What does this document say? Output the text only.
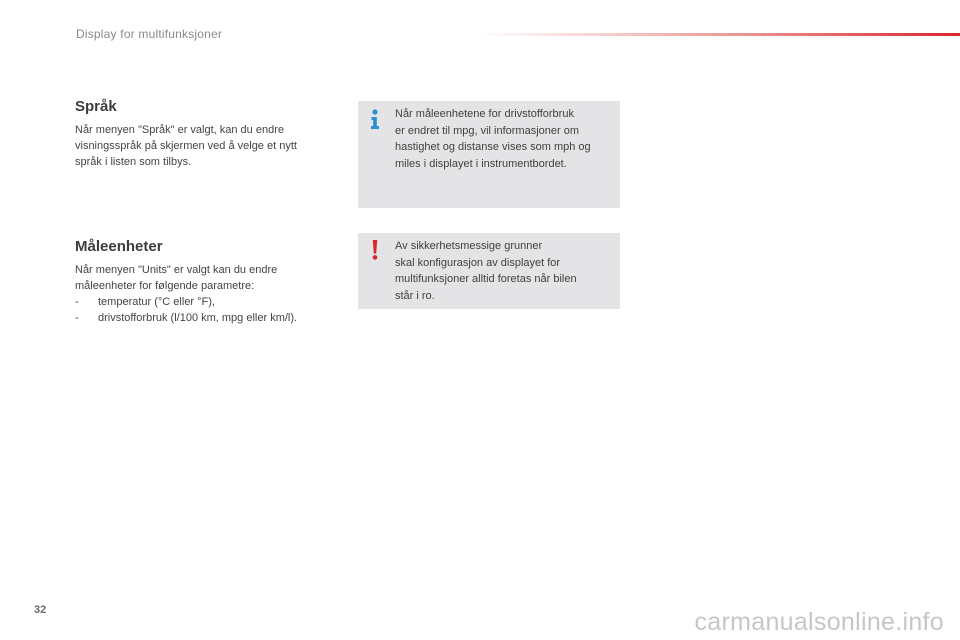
Display for multifunksjoner
Språk
Når menyen "Språk" er valgt, kan du endre
visningsspråk på skjermen ved å velge et nytt
språk i listen som tilbys.
Måleenheter
Når menyen "Units" er valgt kan du endre
måleenheter for følgende parametre:
- temperatur (°C eller °F),
- drivstofforbruk (l/100 km, mpg eller km/l).
Når måleenhetene for drivstofforbruk
er endret til mpg, vil informasjoner om
hastighet og distanse vises som mph og
miles i displayet i instrumentbordet.
Av sikkerhetsmessige grunner
skal konfigurasjon av displayet for
multifunksjoner alltid foretas når bilen
står i ro.
32	carmanualsonline.info
